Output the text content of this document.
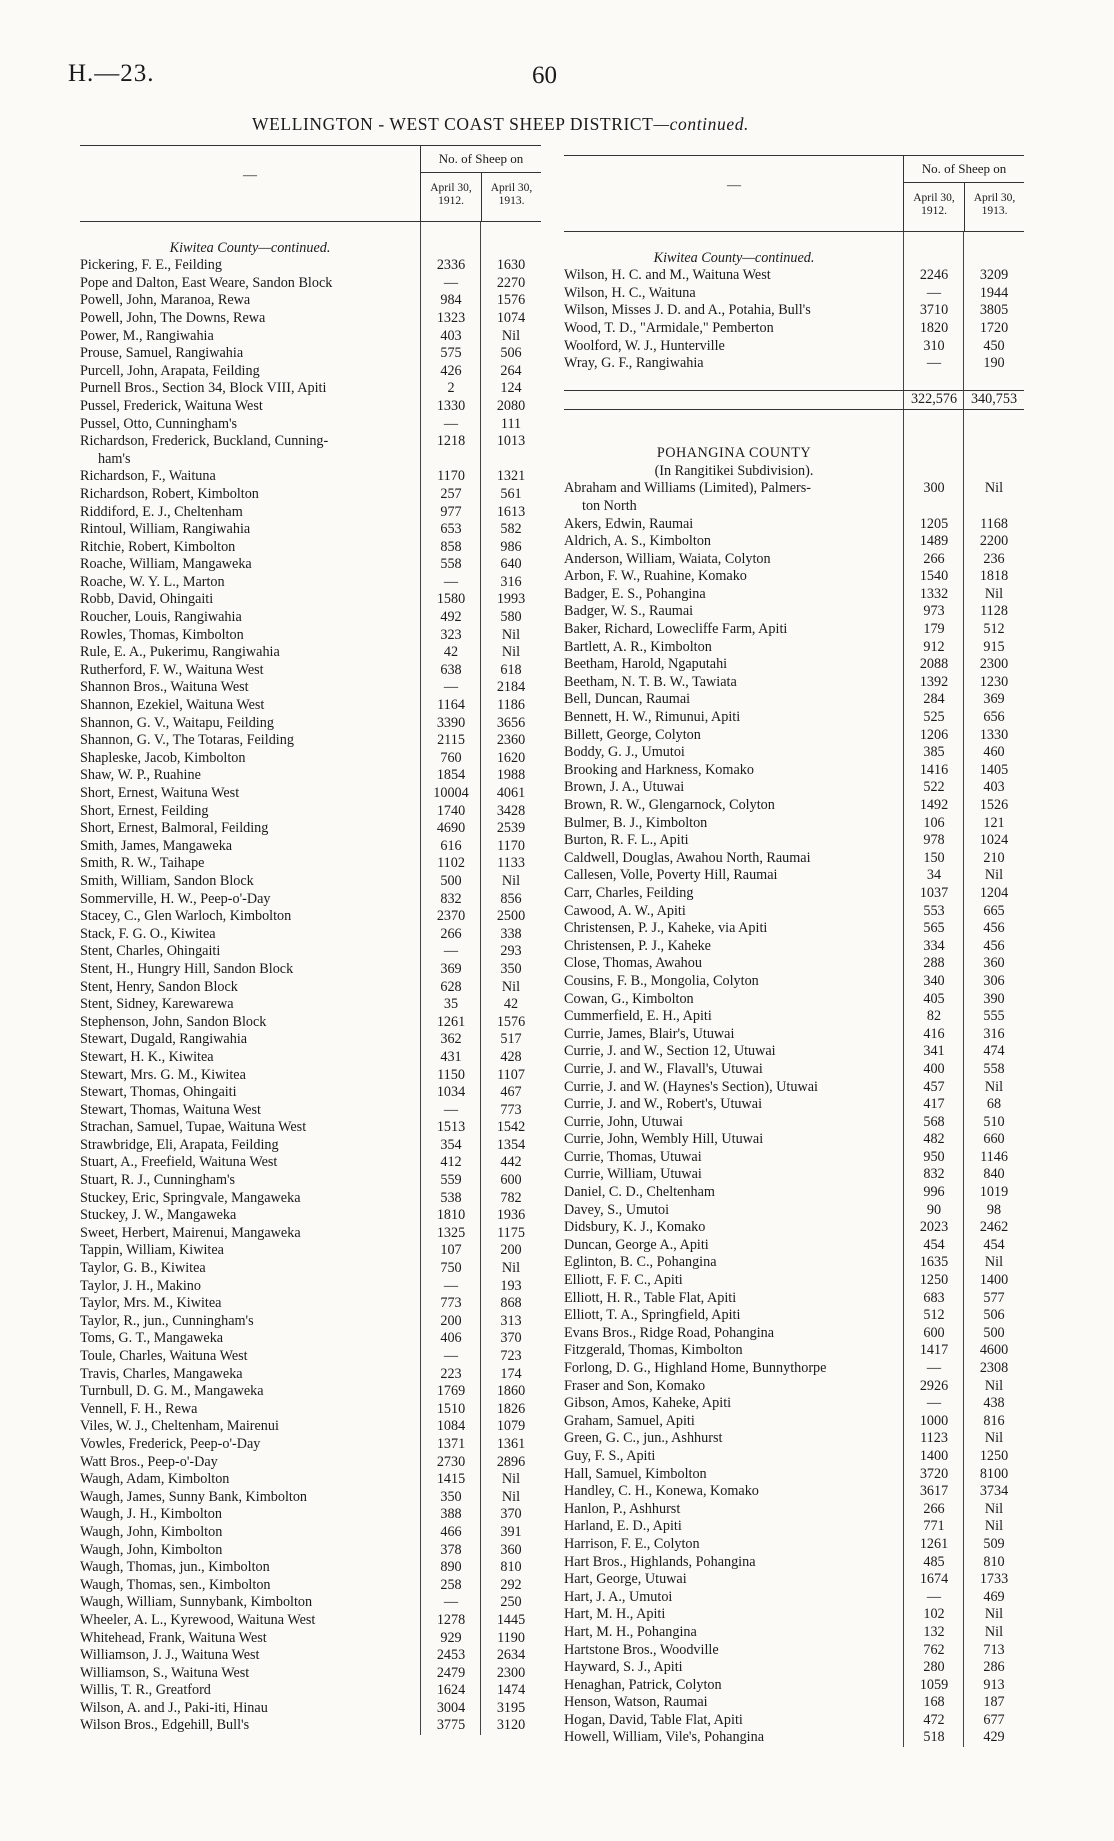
H.—23.	60
WELLINGTON - WEST COAST SHEEP DISTRICT—continued.
—
No. of Sheep on
April 30, 1912.
April 30, 1913.
Kiwitea County—continued.
Pickering, F. E., Feilding	2336	1630
Pope and Dalton, East Weare, Sandon Block	—	2270
Powell, John, Maranoa, Rewa	984	1576
Powell, John, The Downs, Rewa	1323	1074
Power, M., Rangiwahia	403	Nil
Prouse, Samuel, Rangiwahia	575	506
Purcell, John, Arapata, Feilding	426	264
Purnell Bros., Section 34, Block VIII, Apiti	2	124
Pussel, Frederick, Waituna West	1330	2080
Pussel, Otto, Cunningham's	—	111
Richardson, Frederick, Buckland, Cunning-	1218	1013
ham's
Richardson, F., Waituna	1170	1321
Richardson, Robert, Kimbolton	257	561
Riddiford, E. J., Cheltenham	977	1613
Rintoul, William, Rangiwahia	653	582
Ritchie, Robert, Kimbolton	858	986
Roache, William, Mangaweka	558	640
Roache, W. Y. L., Marton	—	316
Robb, David, Ohingaiti	1580	1993
Roucher, Louis, Rangiwahia	492	580
Rowles, Thomas, Kimbolton	323	Nil
Rule, E. A., Pukerimu, Rangiwahia	42	Nil
Rutherford, F. W., Waituna West	638	618
Shannon Bros., Waituna West	—	2184
Shannon, Ezekiel, Waituna West	1164	1186
Shannon, G. V., Waitapu, Feilding	3390	3656
Shannon, G. V., The Totaras, Feilding	2115	2360
Shapleske, Jacob, Kimbolton	760	1620
Shaw, W. P., Ruahine	1854	1988
Short, Ernest, Waituna West	10004	4061
Short, Ernest, Feilding	1740	3428
Short, Ernest, Balmoral, Feilding	4690	2539
Smith, James, Mangaweka	616	1170
Smith, R. W., Taihape	1102	1133
Smith, William, Sandon Block	500	Nil
Sommerville, H. W., Peep-o'-Day	832	856
Stacey, C., Glen Warloch, Kimbolton	2370	2500
Stack, F. G. O., Kiwitea	266	338
Stent, Charles, Ohingaiti	—	293
Stent, H., Hungry Hill, Sandon Block	369	350
Stent, Henry, Sandon Block	628	Nil
Stent, Sidney, Karewarewa	35	42
Stephenson, John, Sandon Block	1261	1576
Stewart, Dugald, Rangiwahia	362	517
Stewart, H. K., Kiwitea	431	428
Stewart, Mrs. G. M., Kiwitea	1150	1107
Stewart, Thomas, Ohingaiti	1034	467
Stewart, Thomas, Waituna West	—	773
Strachan, Samuel, Tupae, Waituna West	1513	1542
Strawbridge, Eli, Arapata, Feilding	354	1354
Stuart, A., Freefield, Waituna West	412	442
Stuart, R. J., Cunningham's	559	600
Stuckey, Eric, Springvale, Mangaweka	538	782
Stuckey, J. W., Mangaweka	1810	1936
Sweet, Herbert, Mairenui, Mangaweka	1325	1175
Tappin, William, Kiwitea	107	200
Taylor, G. B., Kiwitea	750	Nil
Taylor, J. H., Makino	—	193
Taylor, Mrs. M., Kiwitea	773	868
Taylor, R., jun., Cunningham's	200	313
Toms, G. T., Mangaweka	406	370
Toule, Charles, Waituna West	—	723
Travis, Charles, Mangaweka	223	174
Turnbull, D. G. M., Mangaweka	1769	1860
Vennell, F. H., Rewa	1510	1826
Viles, W. J., Cheltenham, Mairenui	1084	1079
Vowles, Frederick, Peep-o'-Day	1371	1361
Watt Bros., Peep-o'-Day	2730	2896
Waugh, Adam, Kimbolton	1415	Nil
Waugh, James, Sunny Bank, Kimbolton	350	Nil
Waugh, J. H., Kimbolton	388	370
Waugh, John, Kimbolton	466	391
Waugh, John, Kimbolton	378	360
Waugh, Thomas, jun., Kimbolton	890	810
Waugh, Thomas, sen., Kimbolton	258	292
Waugh, William, Sunnybank, Kimbolton	—	250
Wheeler, A. L., Kyrewood, Waituna West	1278	1445
Whitehead, Frank, Waituna West	929	1190
Williamson, J. J., Waituna West	2453	2634
Williamson, S., Waituna West	2479	2300
Willis, T. R., Greatford	1624	1474
Wilson, A. and J., Paki-iti, Hinau	3004	3195
Wilson Bros., Edgehill, Bull's	3775	3120
—
No. of Sheep on
April 30, 1912.
April 30, 1913.
Kiwitea County—continued.
Wilson, H. C. and M., Waituna West	2246	3209
Wilson, H. C., Waituna	—	1944
Wilson, Misses J. D. and A., Potahia, Bull's	3710	3805
Wood, T. D., "Armidale," Pemberton	1820	1720
Woolford, W. J., Hunterville	310	450
Wray, G. F., Rangiwahia	—	190
322,576 340,753
POHANGINA COUNTY
(In Rangitikei Subdivision).
Abraham and Williams (Limited), Palmers-	300	Nil
ton North
Akers, Edwin, Raumai	1205	1168
Aldrich, A. S., Kimbolton	1489	2200
Anderson, William, Waiata, Colyton	266	236
Arbon, F. W., Ruahine, Komako	1540	1818
Badger, E. S., Pohangina	1332	Nil
Badger, W. S., Raumai	973	1128
Baker, Richard, Lowecliffe Farm, Apiti	179	512
Bartlett, A. R., Kimbolton	912	915
Beetham, Harold, Ngaputahi	2088	2300
Beetham, N. T. B. W., Tawiata	1392	1230
Bell, Duncan, Raumai	284	369
Bennett, H. W., Rimunui, Apiti	525	656
Billett, George, Colyton	1206	1330
Boddy, G. J., Umutoi	385	460
Brooking and Harkness, Komako	1416	1405
Brown, J. A., Utuwai	522	403
Brown, R. W., Glengarnock, Colyton	1492	1526
Bulmer, B. J., Kimbolton	106	121
Burton, R. F. L., Apiti	978	1024
Caldwell, Douglas, Awahou North, Raumai	150	210
Callesen, Volle, Poverty Hill, Raumai	34	Nil
Carr, Charles, Feilding	1037	1204
Cawood, A. W., Apiti	553	665
Christensen, P. J., Kaheke, via Apiti	565	456
Christensen, P. J., Kaheke	334	456
Close, Thomas, Awahou	288	360
Cousins, F. B., Mongolia, Colyton	340	306
Cowan, G., Kimbolton	405	390
Cummerfield, E. H., Apiti	82	555
Currie, James, Blair's, Utuwai	416	316
Currie, J. and W., Section 12, Utuwai	341	474
Currie, J. and W., Flavall's, Utuwai	400	558
Currie, J. and W. (Haynes's Section), Utuwai	457	Nil
Currie, J. and W., Robert's, Utuwai	417	68
Currie, John, Utuwai	568	510
Currie, John, Wembly Hill, Utuwai	482	660
Currie, Thomas, Utuwai	950	1146
Currie, William, Utuwai	832	840
Daniel, C. D., Cheltenham	996	1019
Davey, S., Umutoi	90	98
Didsbury, K. J., Komako	2023	2462
Duncan, George A., Apiti	454	454
Eglinton, B. C., Pohangina	1635	Nil
Elliott, F. F. C., Apiti	1250	1400
Elliott, H. R., Table Flat, Apiti	683	577
Elliott, T. A., Springfield, Apiti	512	506
Evans Bros., Ridge Road, Pohangina	600	500
Fitzgerald, Thomas, Kimbolton	1417	4600
Forlong, D. G., Highland Home, Bunnythorpe	—	2308
Fraser and Son, Komako	2926	Nil
Gibson, Amos, Kaheke, Apiti	—	438
Graham, Samuel, Apiti	1000	816
Green, G. C., jun., Ashhurst	1123	Nil
Guy, F. S., Apiti	1400	1250
Hall, Samuel, Kimbolton	3720	8100
Handley, C. H., Konewa, Komako	3617	3734
Hanlon, P., Ashhurst	266	Nil
Harland, E. D., Apiti	771	Nil
Harrison, F. E., Colyton	1261	509
Hart Bros., Highlands, Pohangina	485	810
Hart, George, Utuwai	1674	1733
Hart, J. A., Umutoi	—	469
Hart, M. H., Apiti	102	Nil
Hart, M. H., Pohangina	132	Nil
Hartstone Bros., Woodville	762	713
Hayward, S. J., Apiti	280	286
Henaghan, Patrick, Colyton	1059	913
Henson, Watson, Raumai	168	187
Hogan, David, Table Flat, Apiti	472	677
Howell, William, Vile's, Pohangina	518	429
